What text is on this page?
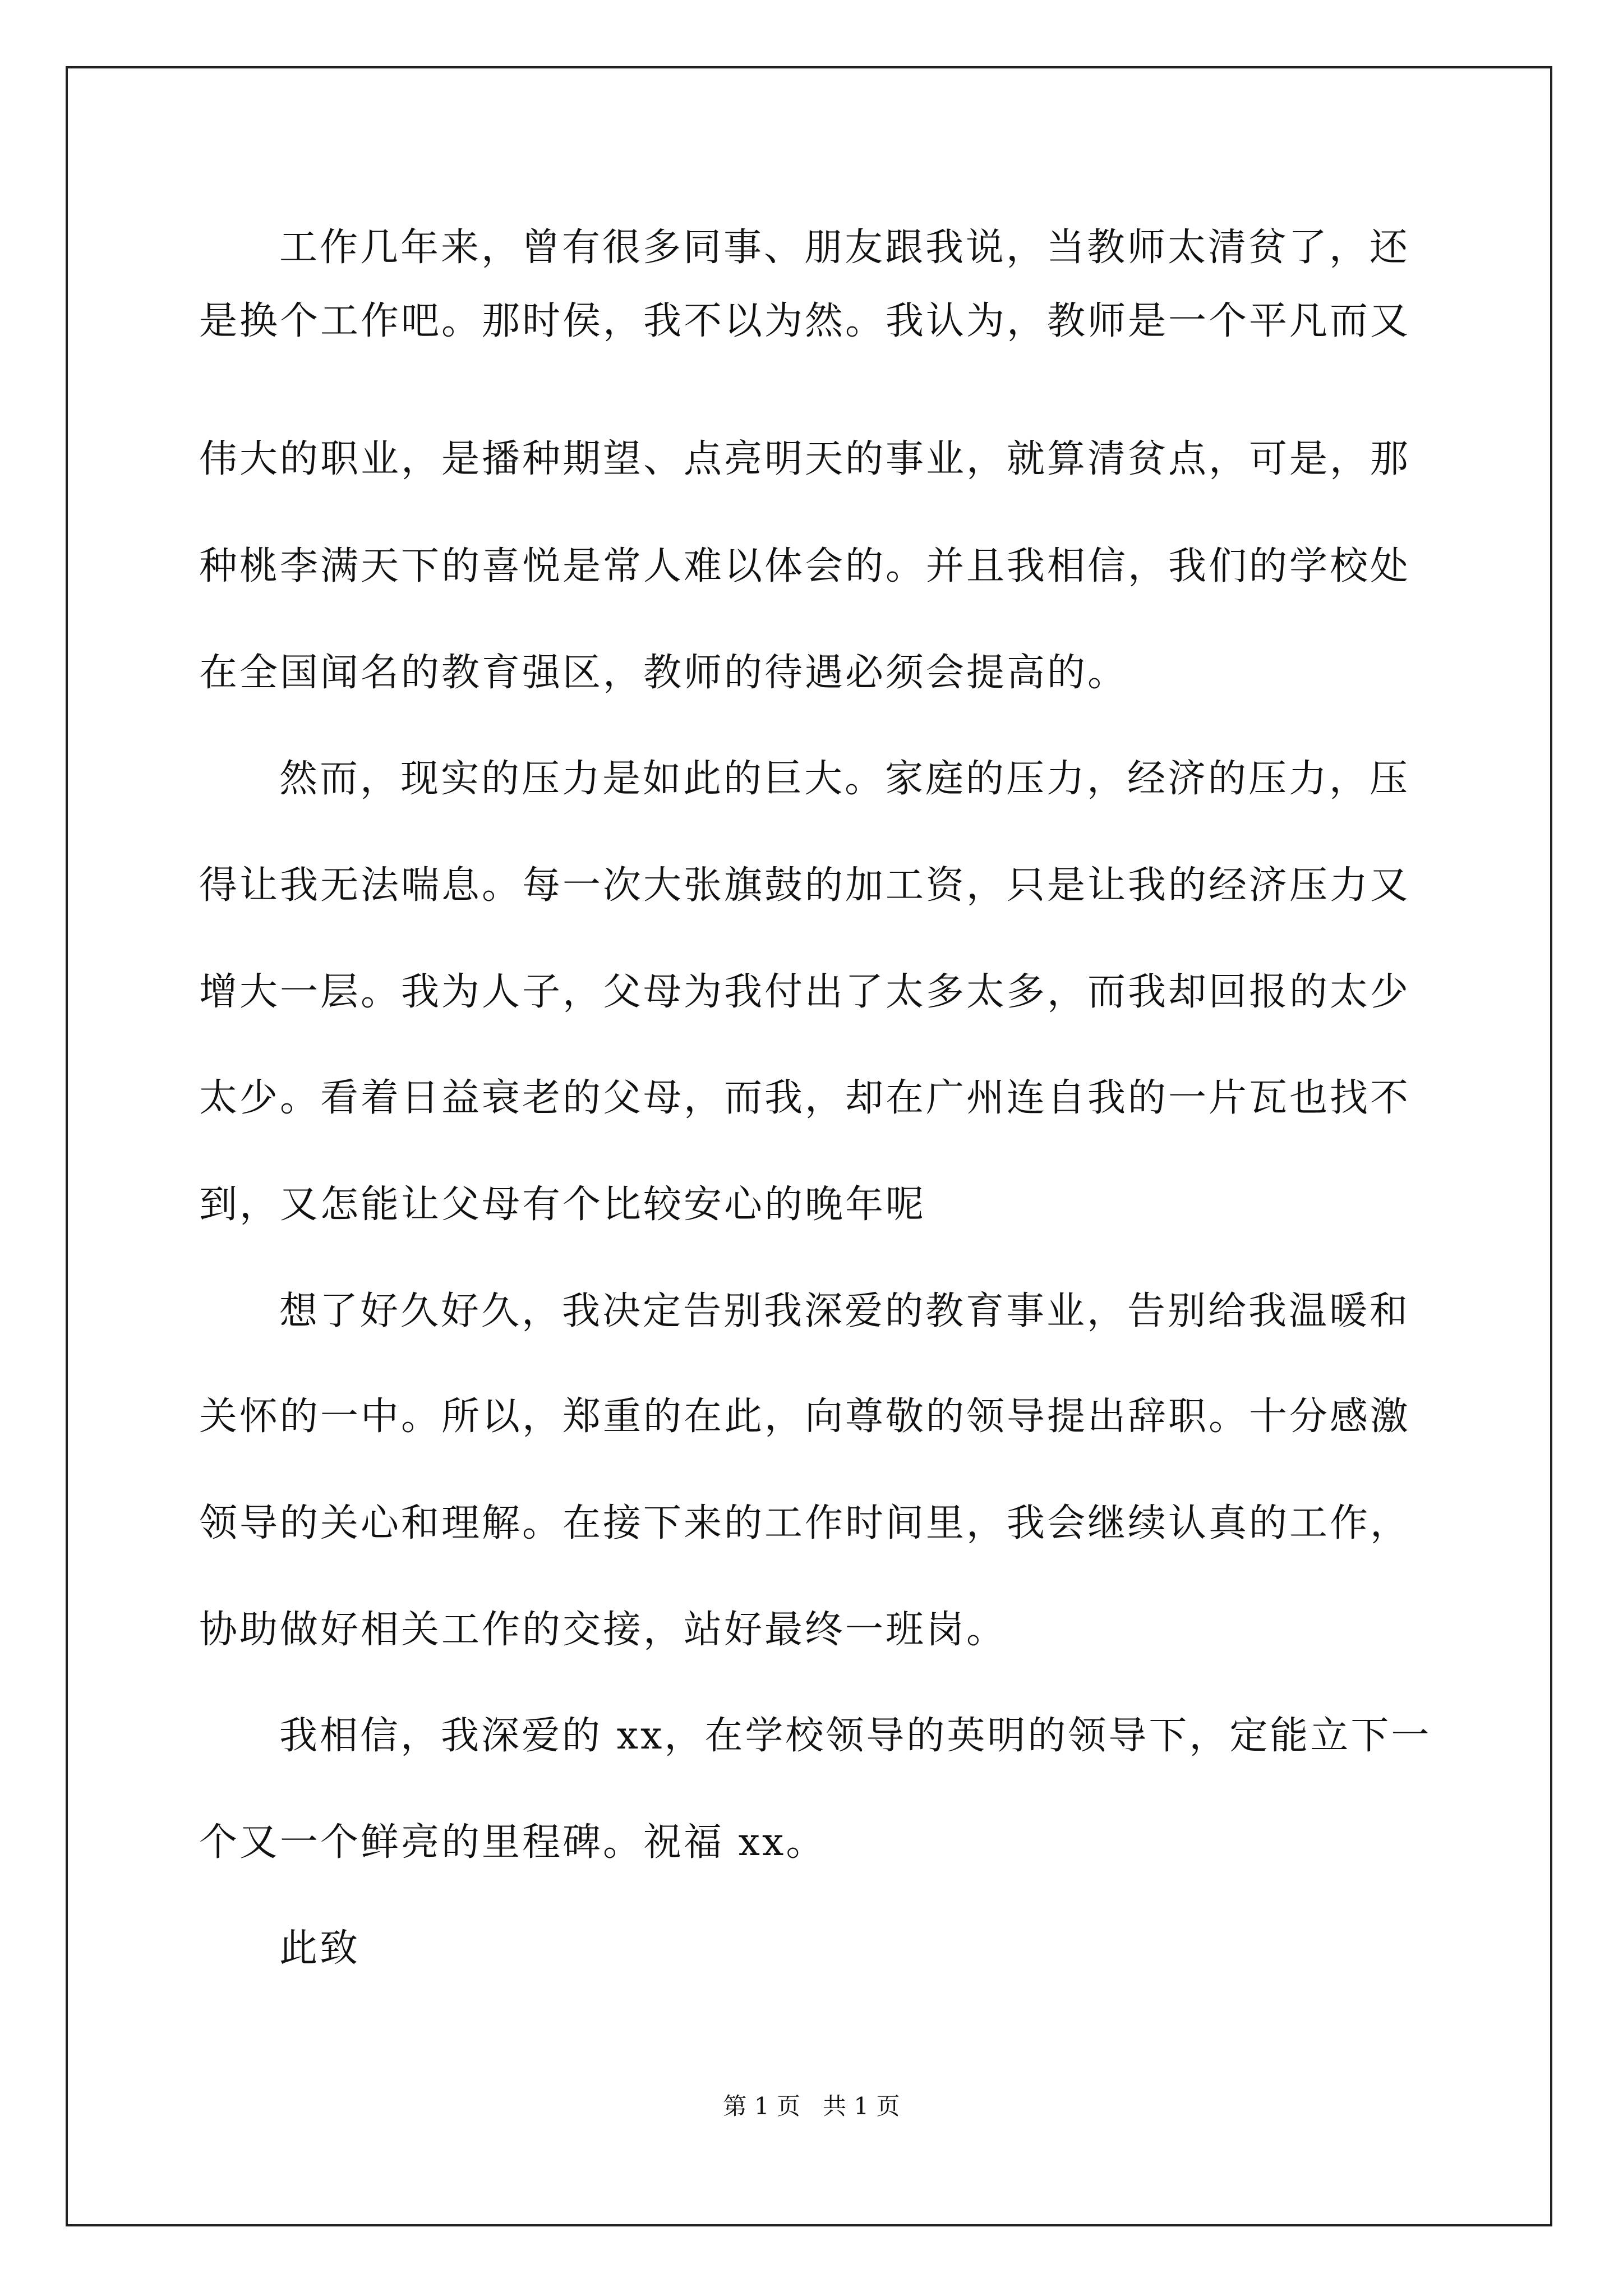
工作几年来，曾有很多同事、朋友跟我说，当教师太清贫了，还

是换个工作吧。那时侯，我不以为然。我认为，教师是一个平凡而又

伟大的职业，是播种期望、点亮明天的事业，就算清贫点，可是，那

种桃李满天下的喜悦是常人难以体会的。并且我相信，我们的学校处

在全国闻名的教育强区，教师的待遇必须会提高的。

然而，现实的压力是如此的巨大。家庭的压力，经济的压力，压

得让我无法喘息。每一次大张旗鼓的加工资，只是让我的经济压力又

增大一层。我为人子，父母为我付出了太多太多，而我却回报的太少

太少。看着日益衰老的父母，而我，却在广州连自我的一片瓦也找不

到，又怎能让父母有个比较安心的晚年呢

想了好久好久，我决定告别我深爱的教育事业，告别给我温暖和

关怀的一中。所以，郑重的在此，向尊敬的领导提出辞职。十分感激

领导的关心和理解。在接下来的工作时间里，我会继续认真的工作，

协助做好相关工作的交接，站好最终一班岗。

我相信，我深爱的 xx，在学校领导的英明的领导下，定能立下一

个又一个鲜亮的里程碑。祝福 xx。

此致

第 1 页   共 1 页
